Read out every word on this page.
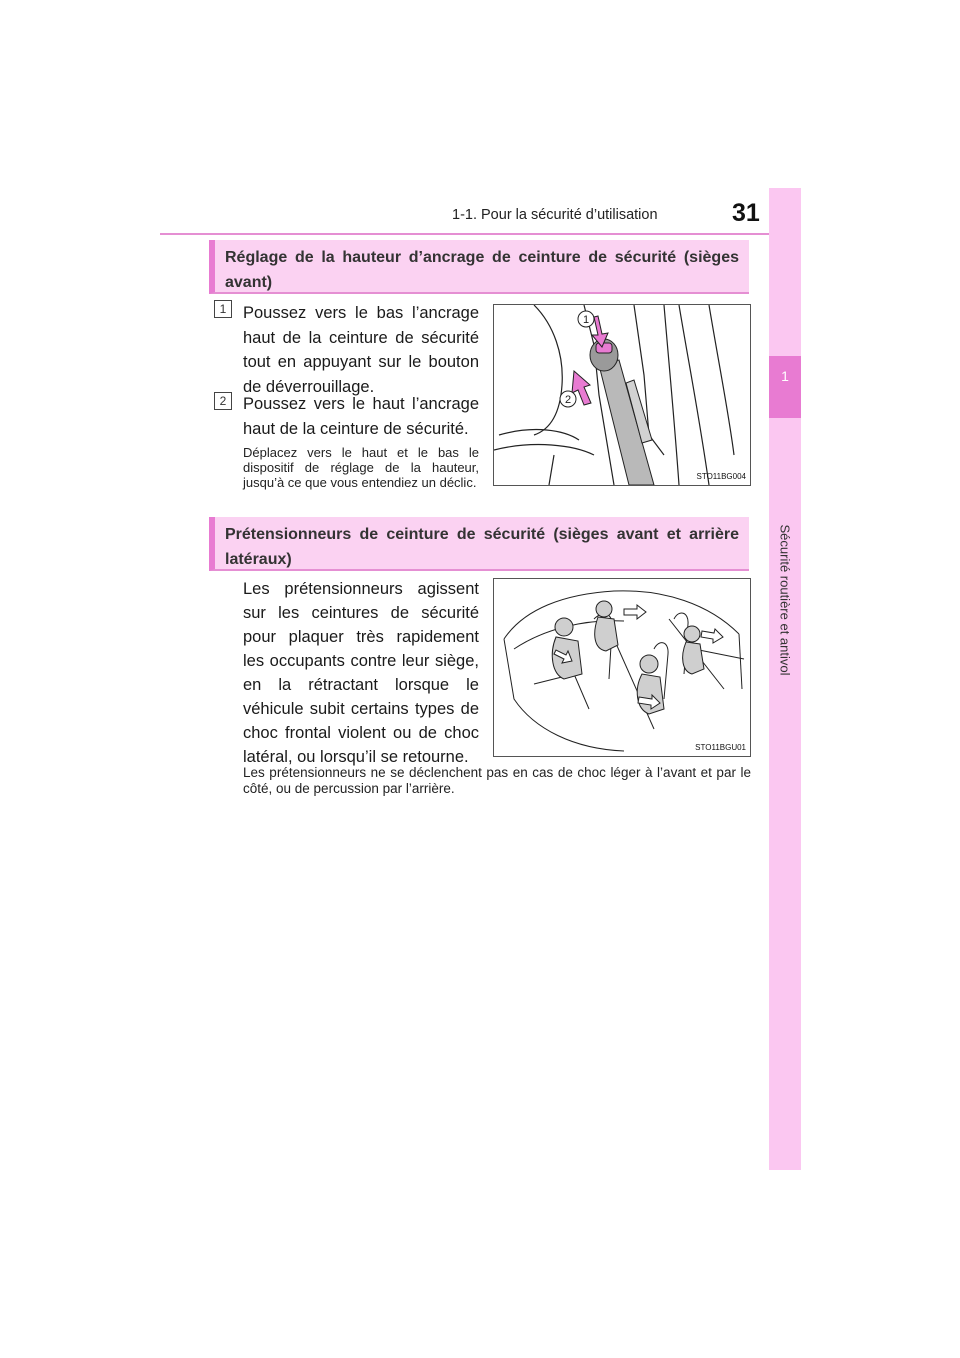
1-1. Pour la sécurité d’utilisation	31
1
Sécurité routière et antivol
Réglage de la hauteur d’ancrage de ceinture de sécurité (sièges avant)
1	Poussez vers le bas l’ancrage haut de la ceinture de sécurité tout en appuyant sur le bouton de déverrouillage.
2	Poussez vers le haut l’ancrage haut de la ceinture de sécurité.
Déplacez vers le haut et le bas le dispositif de réglage de la hauteur, jusqu’à ce que vous entendiez un déclic.
1
2
STO11BG004
Prétensionneurs de ceinture de sécurité (sièges avant et arrière latéraux)
Les prétensionneurs agissent sur les ceintures de sécurité pour plaquer très rapidement les occupants contre leur siège, en la rétractant lorsque le véhicule subit certains types de choc frontal violent ou de choc latéral, ou lorsqu’il se retourne.
STO11BGU01
Les prétensionneurs ne se déclenchent pas en cas de choc léger à l’avant et par le côté, ou de percussion par l’arrière.
